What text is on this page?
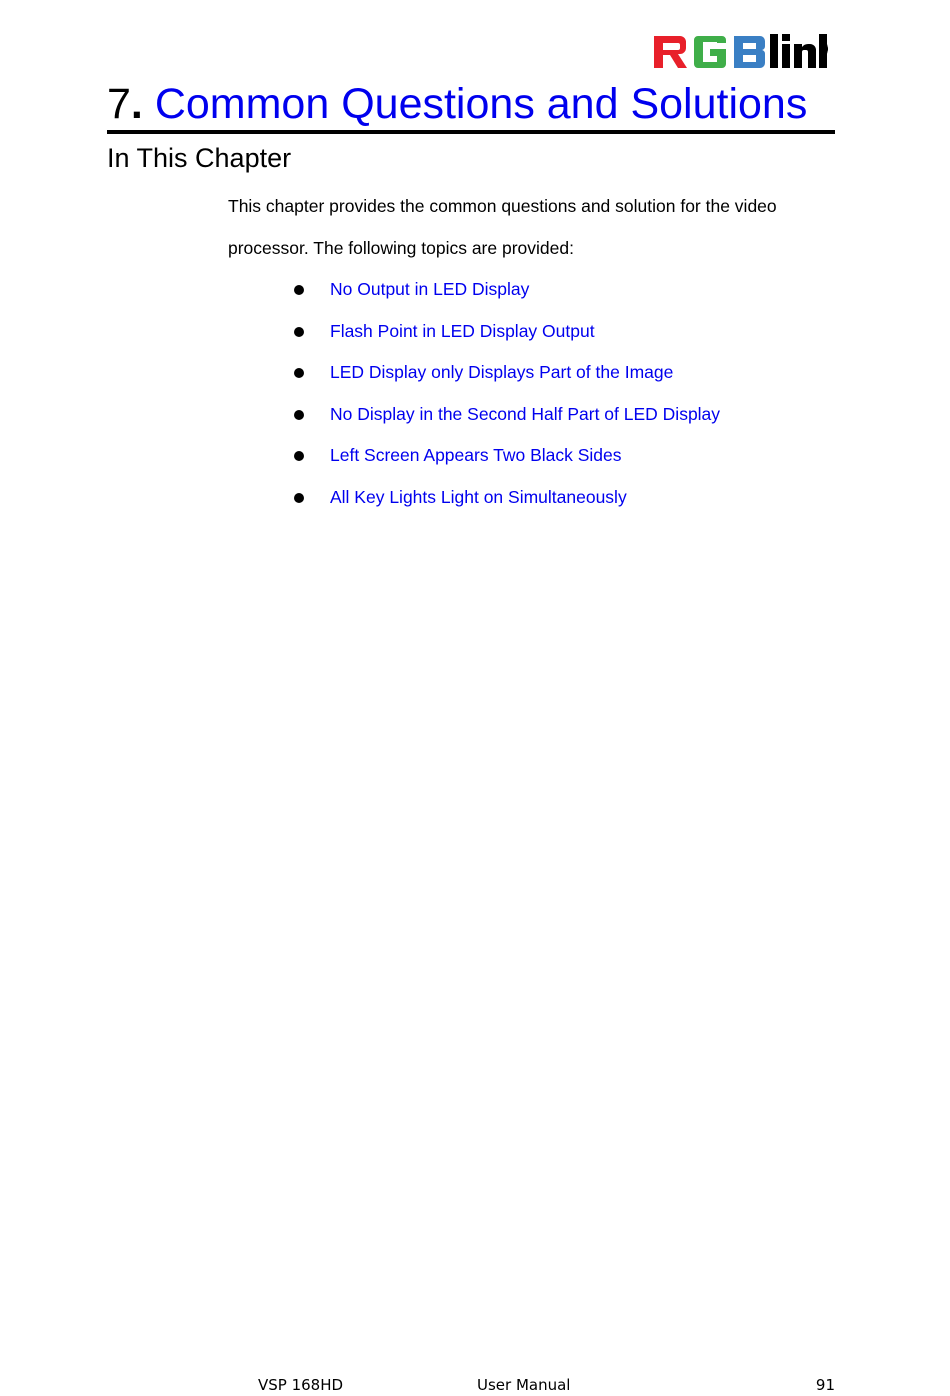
7. Common Questions and Solutions
In This Chapter

This chapter provides the common questions and solution for the video processor. The following topics are provided:

No Output in LED Display
Flash Point in LED Display Output
LED Display only Displays Part of the Image
No Display in the Second Half Part of LED Display
Left Screen Appears Two Black Sides
All Key Lights Light on Simultaneously
VSP 168HD	User Manual	91
